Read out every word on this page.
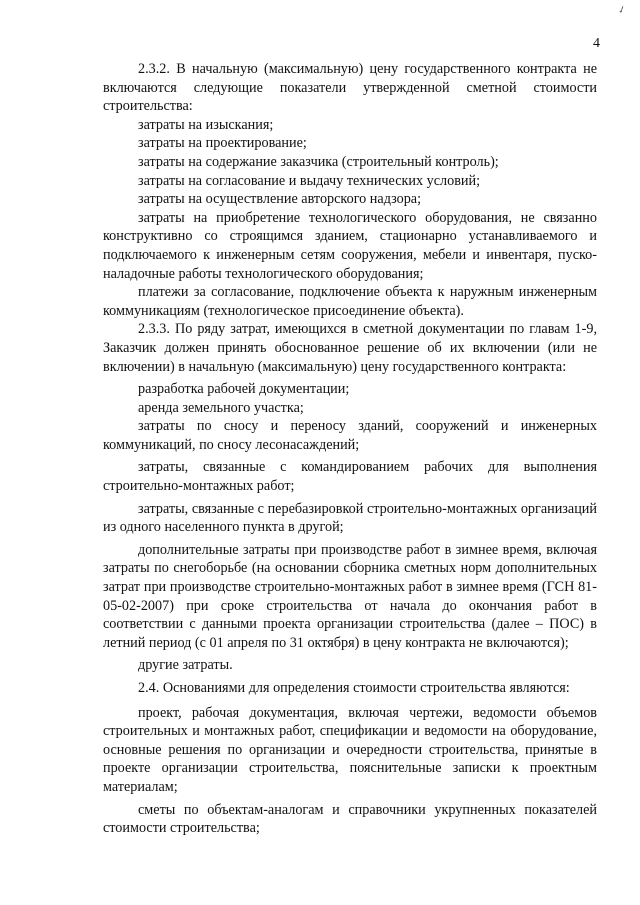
4
✓

2.3.2. В начальную (максимальную) цену государственного контракта не включаются следующие показатели утвержденной сметной стоимости строительства:

затраты на изыскания;

затраты на проектирование;

затраты на содержание заказчика (строительный контроль);

затраты на согласование и выдачу технических условий;

затраты на осуществление авторского надзора;

затраты на приобретение технологического оборудования, не связанно конструктивно со строящимся зданием, стационарно устанавливаемого и подключаемого к инженерным сетям сооружения, мебели и инвентаря, пуско-наладочные работы технологического оборудования;

платежи за согласование, подключение объекта к наружным инженерным коммуникациям (технологическое присоединение объекта).

2.3.3. По ряду затрат, имеющихся в сметной документации по главам 1-9, Заказчик должен принять обоснованное решение об их включении (или не включении) в начальную (максимальную) цену государственного контракта:

разработка рабочей документации;

аренда земельного участка;

затраты по сносу и переносу зданий, сооружений и инженерных коммуникаций, по сносу лесонасаждений;

затраты, связанные с командированием рабочих для выполнения строительно-монтажных работ;

затраты, связанные с перебазировкой строительно-монтажных организаций из одного населенного пункта в другой;

дополнительные затраты при производстве работ в зимнее время, включая затраты по снегоборьбе (на основании сборника сметных норм дополнительных затрат при производстве строительно-монтажных работ в зимнее время (ГСН 81-05-02-2007) при сроке строительства от начала до окончания работ в соответствии с данными проекта организации строительства (далее – ПОС) в летний период (с 01 апреля по 31 октября) в цену контракта не включаются);

другие затраты.

2.4. Основаниями для определения стоимости строительства являются:

проект, рабочая документация, включая чертежи, ведомости объемов строительных и монтажных работ, спецификации и ведомости на оборудование, основные решения по организации и очередности строительства, принятые в проекте организации строительства, пояснительные записки к проектным материалам;

сметы по объектам-аналогам и справочники укрупненных показателей стоимости строительства;
